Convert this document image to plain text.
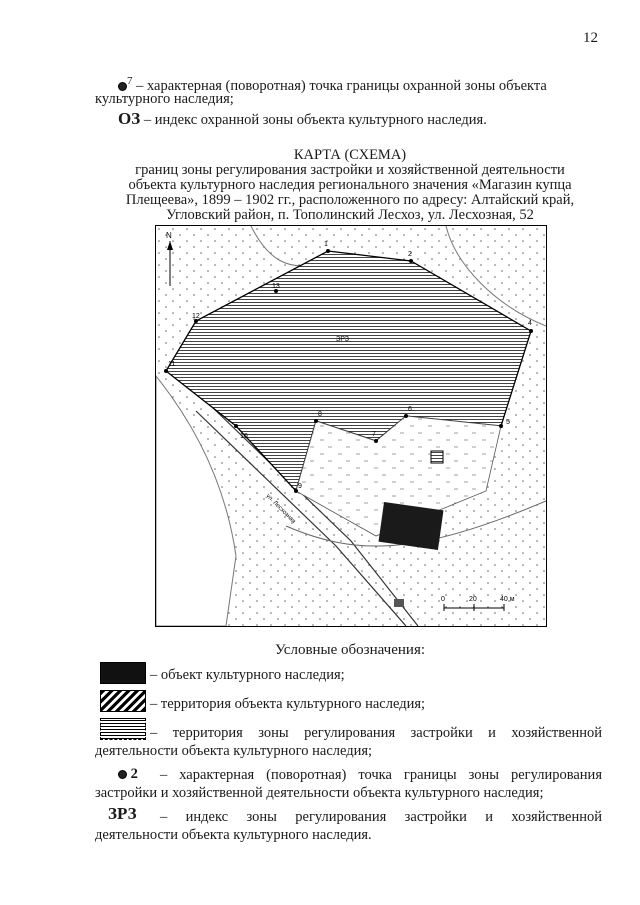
12
$^7$ – характерная (поворотная) точка границы охранной зоны объекта
культурного наследия;
ОЗ – индекс охранной зоны объекта культурного наследия.
КАРТА (СХЕМА)
границ зоны регулирования застройки и хозяйственной деятельности
объекта культурного наследия регионального значения «Магазин купца
Плещеева», 1899 – 1902 гг., расположенного по адресу: Алтайский край,
Угловский район, п. Тополинский Лесхоз, ул. Лесхозная, 52
N
ЗРЗ
ул. Лесхозная
1
2
4
5
6
7
8
9
10
11
12
13
0	20	40 м
Условные обозначения:
– объект культурного наследия;
– территория объекта культурного наследия;
– территория зоны регулирования застройки и хозяйственной
деятельности объекта культурного наследия;
2 – характерная (поворотная) точка границы зоны регулирования
застройки и хозяйственной деятельности объекта культурного наследия;
ЗРЗ – индекс зоны регулирования застройки и хозяйственной
деятельности объекта культурного наследия.
